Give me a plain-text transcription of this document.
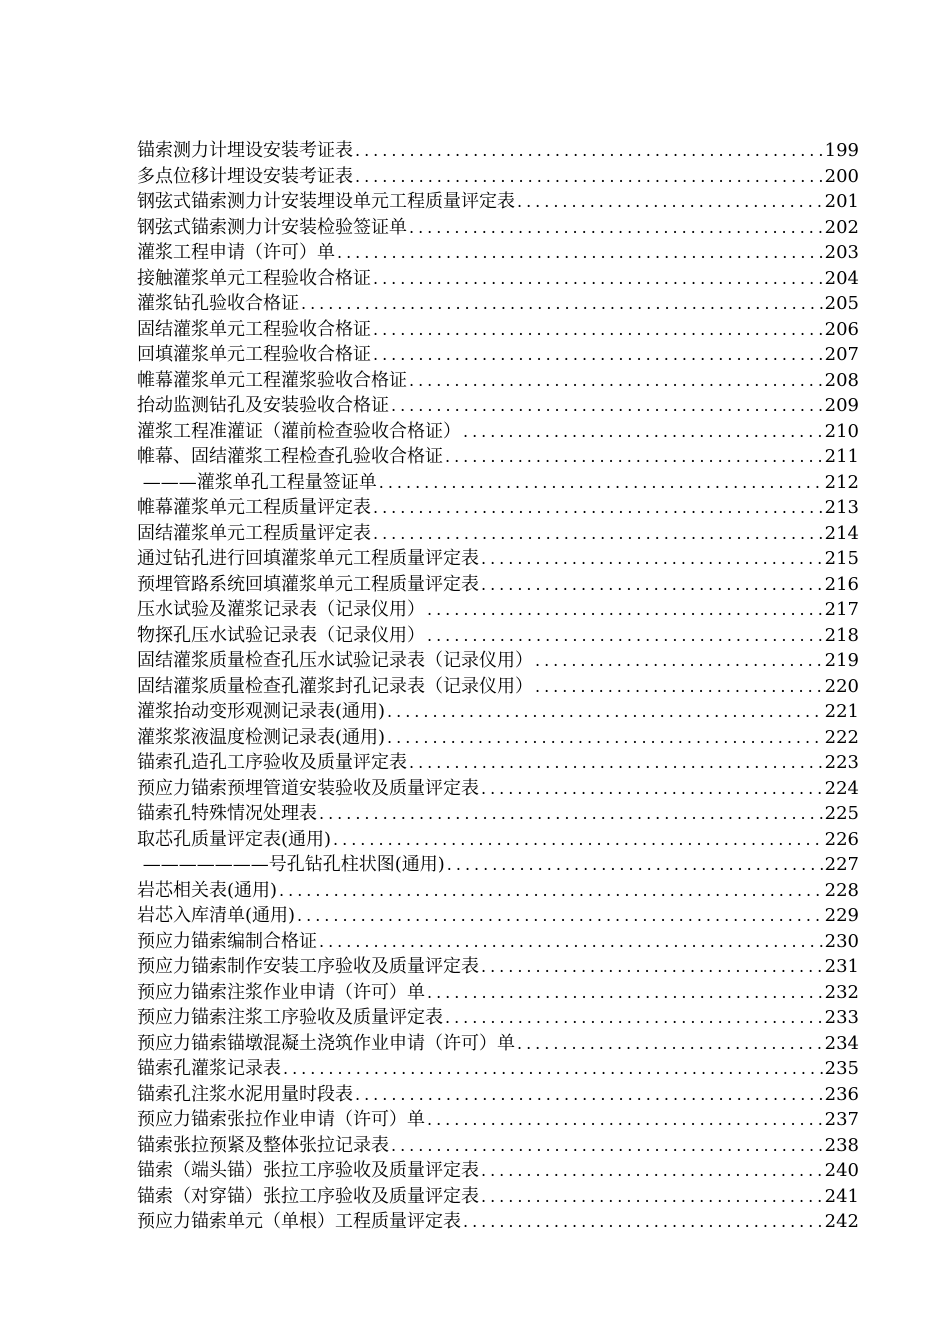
锚索测力计埋设安装考证表 .....	199
多点位移计埋设安装考证表 .....	200
钢弦式锚索测力计安装埋设单元工程质量评定表 .....	201
钢弦式锚索测力计安装检验签证单 .....	202
灌浆工程申请（许可）单 .....	203
接触灌浆单元工程验收合格证 .....	204
灌浆钻孔验收合格证 .....	205
固结灌浆单元工程验收合格证 .....	206
回填灌浆单元工程验收合格证 .....	207
帷幕灌浆单元工程灌浆验收合格证 .....	208
抬动监测钻孔及安装验收合格证 .....	209
灌浆工程准灌证（灌前检查验收合格证） .....	210
帷幕、固结灌浆工程检查孔验收合格证 .....	211
———灌浆单孔工程量签证单 .....	212
帷幕灌浆单元工程质量评定表 .....	213
固结灌浆单元工程质量评定表 .....	214
通过钻孔进行回填灌浆单元工程质量评定表 .....	215
预埋管路系统回填灌浆单元工程质量评定表 .....	216
压水试验及灌浆记录表（记录仪用） .....	217
物探孔压水试验记录表（记录仪用） .....	218
固结灌浆质量检查孔压水试验记录表（记录仪用） .....	219
固结灌浆质量检查孔灌浆封孔记录表（记录仪用） .....	220
灌浆抬动变形观测记录表(通用) .....	221
灌浆浆液温度检测记录表(通用) .....	222
锚索孔造孔工序验收及质量评定表 .....	223
预应力锚索预埋管道安装验收及质量评定表 .....	224
锚索孔特殊情况处理表 .....	225
取芯孔质量评定表(通用) .....	226
———————号孔钻孔柱状图(通用) .....	227
岩芯相关表(通用) .....	228
岩芯入库清单(通用) .....	229
预应力锚索编制合格证 .....	230
预应力锚索制作安装工序验收及质量评定表 .....	231
预应力锚索注浆作业申请（许可）单 .....	232
预应力锚索注浆工序验收及质量评定表 .....	233
预应力锚索锚墩混凝土浇筑作业申请（许可）单 .....	234
锚索孔灌浆记录表 .....	235
锚索孔注浆水泥用量时段表 .....	236
预应力锚索张拉作业申请（许可）单 .....	237
锚索张拉预紧及整体张拉记录表 .....	238
锚索（端头锚）张拉工序验收及质量评定表 .....	240
锚索（对穿锚）张拉工序验收及质量评定表 .....	241
预应力锚索单元（单根）工程质量评定表 .....	242
